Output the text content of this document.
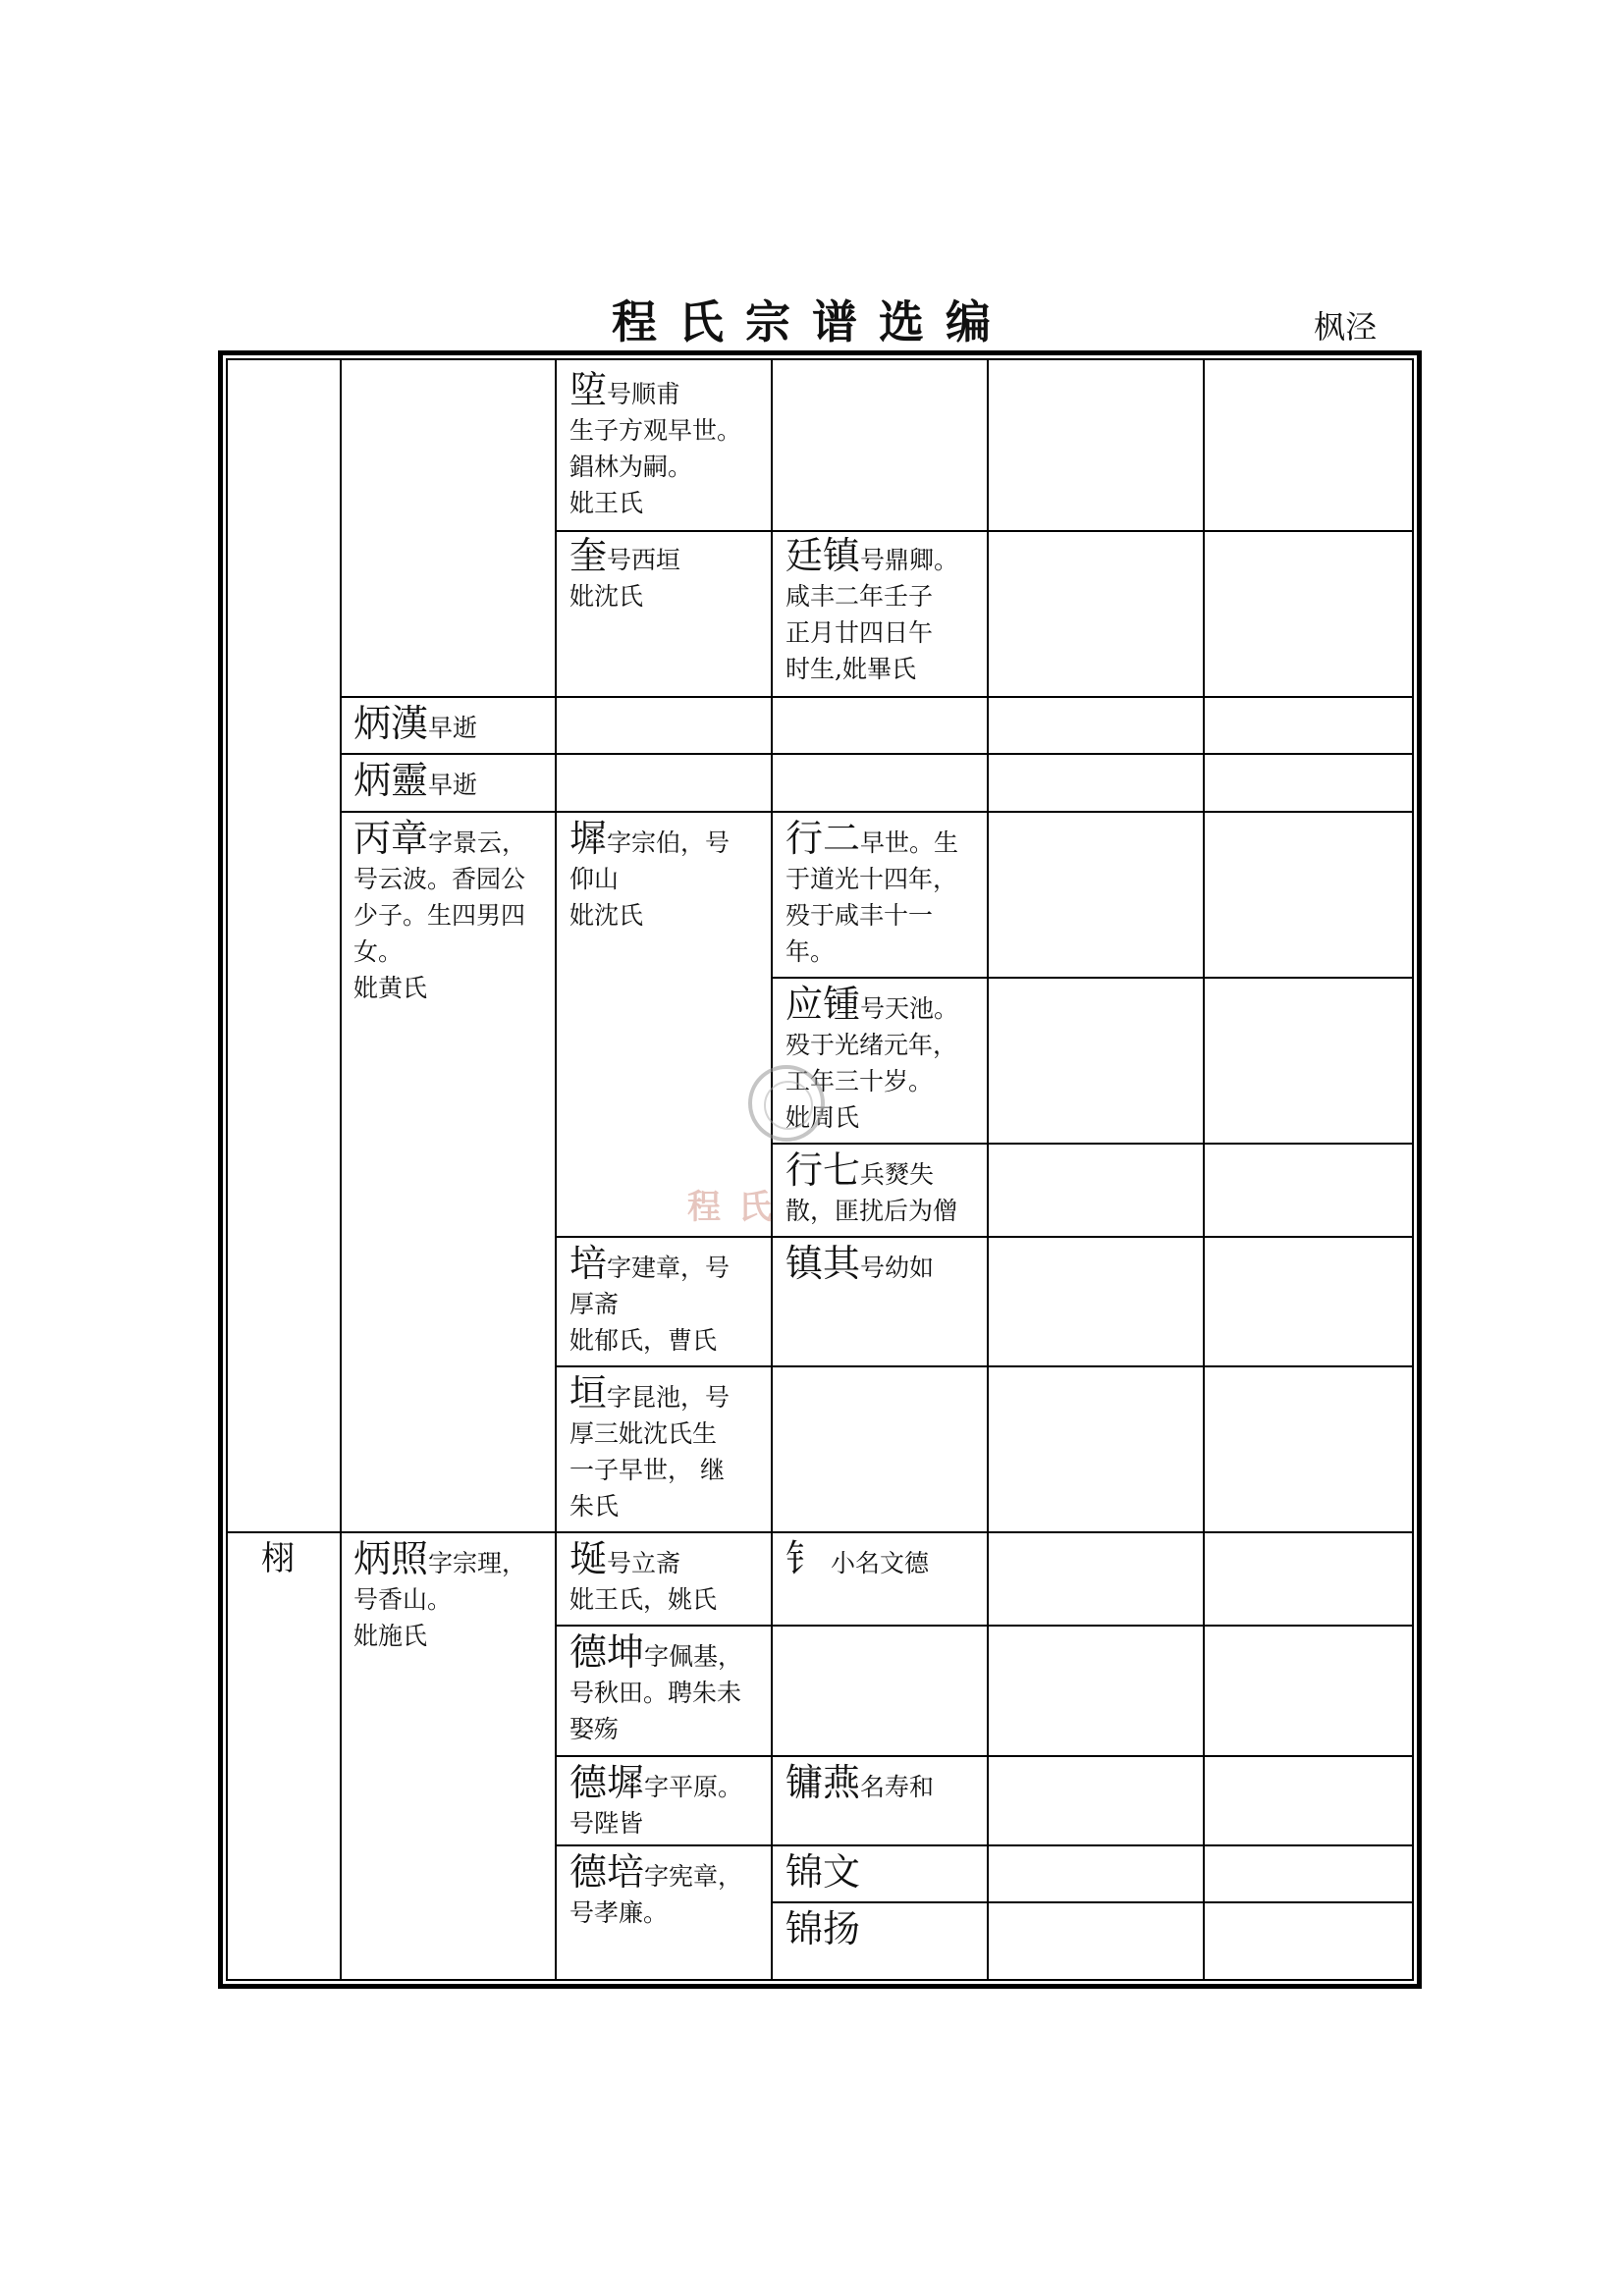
程氏宗谱选编	枫泾
埅号顺甫
生子方观早世。
錩林为嗣。
妣王氏
奎号西垣
妣沈氏
廷镇号鼎卿。
咸丰二年壬子
正月廿四日午
时生,妣畢氏
炳漢早逝
炳靈早逝
丙章字景云，
号云波。香园公
少子。生四男四
女。
妣黄氏
墀字宗伯，号
仰山
妣沈氏
行二早世。生
于道光十四年，
殁于咸丰十一
年。
应锺号天池。
殁于光绪元年，
工年三十岁。
妣周氏
行七兵燹失
散，匪扰后为僧
培字建章，号
厚斋
妣郁氏，曹氏
镇其号幼如
垣字昆池，号
厚三妣沈氏生
一子早世， 继
朱氏
栩	炳照字宗理，
号香山。
妣施氏
埏号立斋
妣王氏，姚氏
钅 小名文德
德坤字佩基，
号秋田。聘朱未
娶殇
德墀字平原。
号陛皆
镛燕名寿和
德培字宪章，
号孝廉。
锦文
锦扬
程氏
